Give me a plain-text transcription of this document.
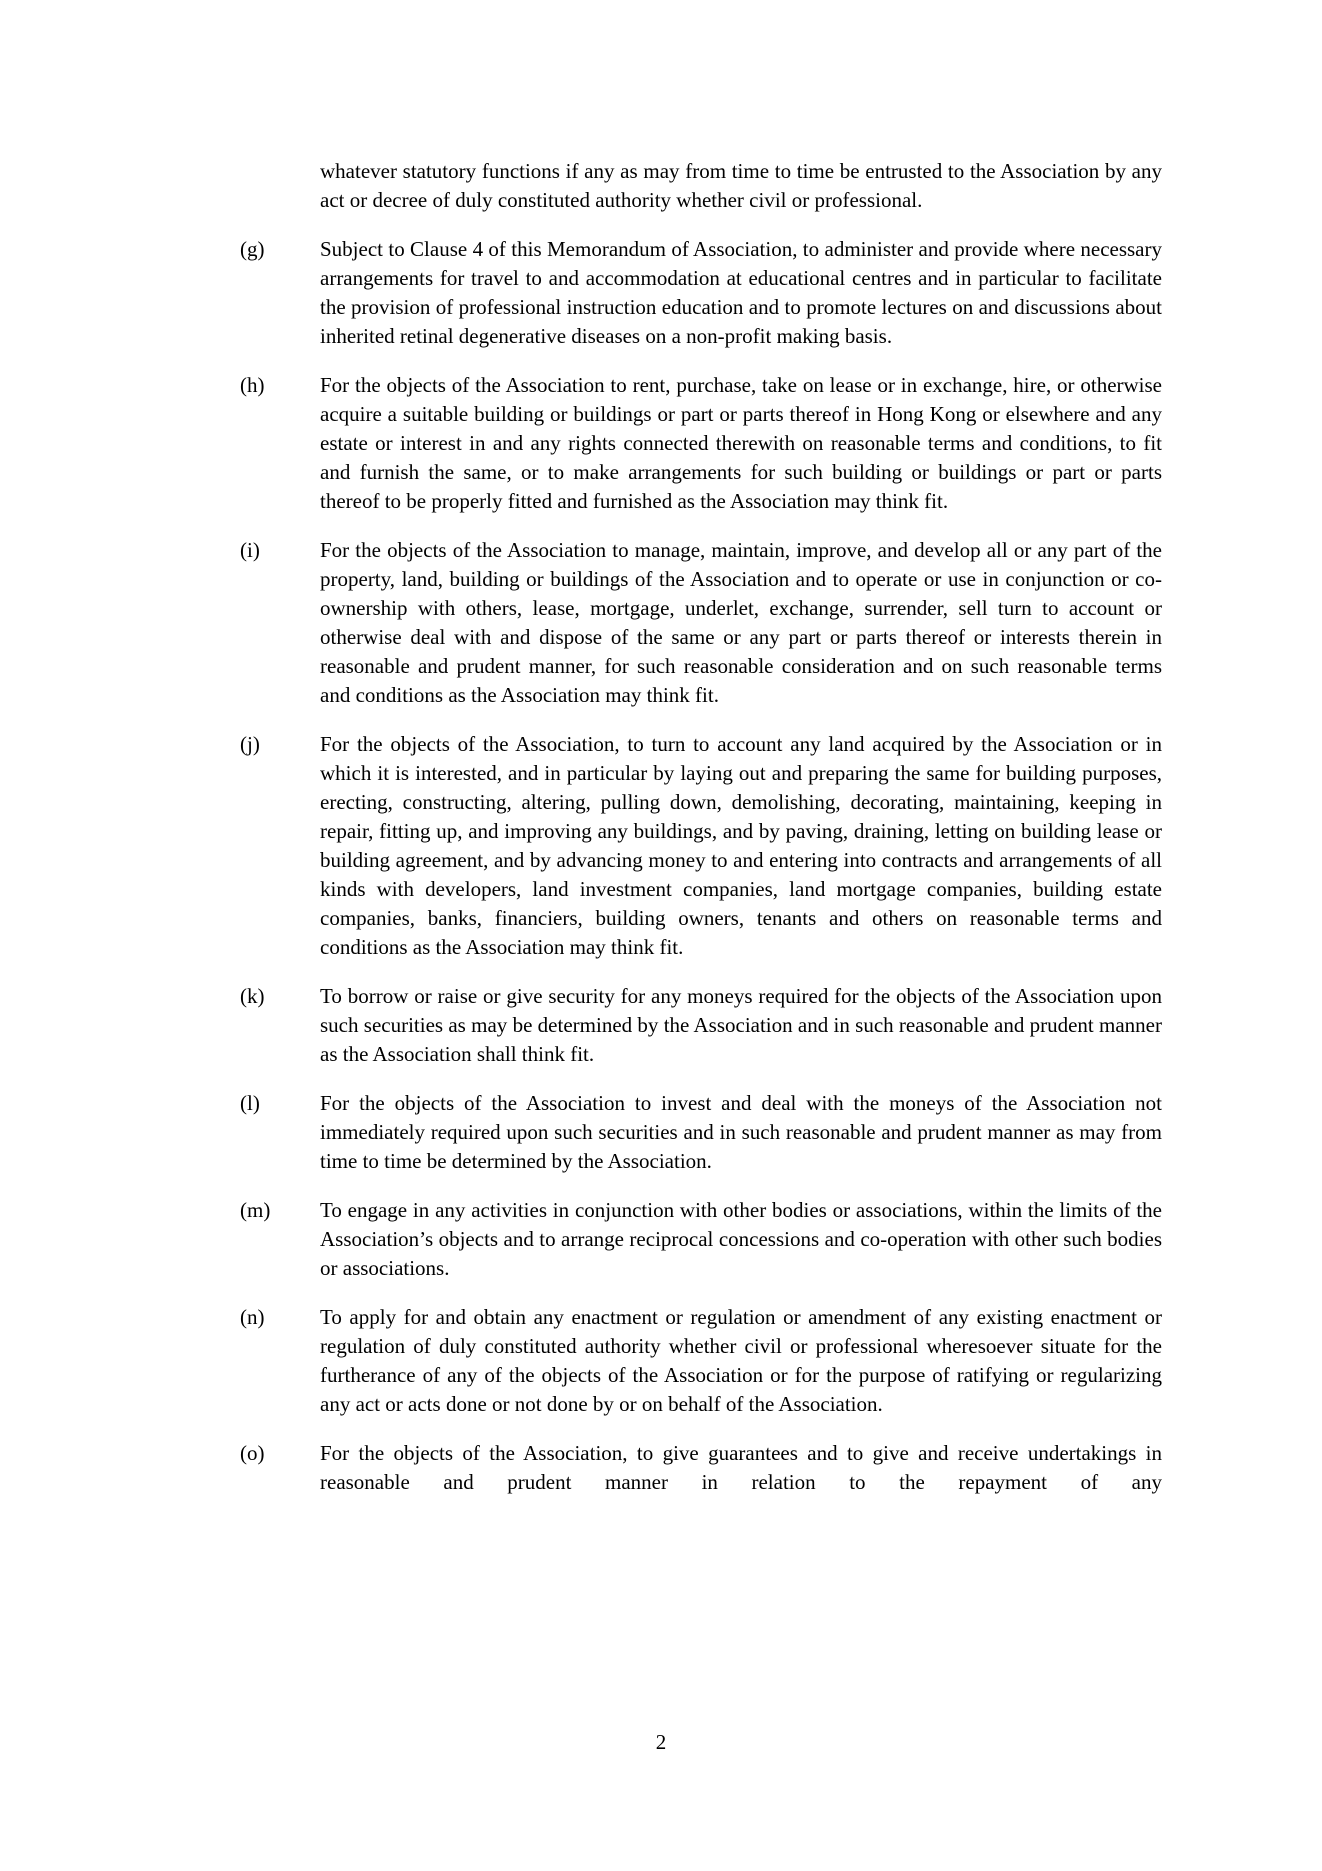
whatever statutory functions if any as may from time to time be entrusted to the Association by any act or decree of duly constituted authority whether civil or professional.

(g)	Subject to Clause 4 of this Memorandum of Association, to administer and provide where necessary arrangements for travel to and accommodation at educational centres and in particular to facilitate the provision of professional instruction education and to promote lectures on and discussions about inherited retinal degenerative diseases on a non-profit making basis.

(h)	For the objects of the Association to rent, purchase, take on lease or in exchange, hire, or otherwise acquire a suitable building or buildings or part or parts thereof in Hong Kong or elsewhere and any estate or interest in and any rights connected therewith on reasonable terms and conditions, to fit and furnish the same, or to make arrangements for such building or buildings or part or parts thereof to be properly fitted and furnished as the Association may think fit.

(i)	For the objects of the Association to manage, maintain, improve, and develop all or any part of the property, land, building or buildings of the Association and to operate or use in conjunction or co-ownership with others, lease, mortgage, underlet, exchange, surrender, sell turn to account or otherwise deal with and dispose of the same or any part or parts thereof or interests therein in reasonable and prudent manner, for such reasonable consideration and on such reasonable terms and conditions as the Association may think fit.

(j)	For the objects of the Association, to turn to account any land acquired by the Association or in which it is interested, and in particular by laying out and preparing the same for building purposes, erecting, constructing, altering, pulling down, demolishing, decorating, maintaining, keeping in repair, fitting up, and improving any buildings, and by paving, draining, letting on building lease or building agreement, and by advancing money to and entering into contracts and arrangements of all kinds with developers, land investment companies, land mortgage companies, building estate companies, banks, financiers, building owners, tenants and others on reasonable terms and conditions as the Association may think fit.

(k)	To borrow or raise or give security for any moneys required for the objects of the Association upon such securities as may be determined by the Association and in such reasonable and prudent manner as the Association shall think fit.

(l)	For the objects of the Association to invest and deal with the moneys of the Association not immediately required upon such securities and in such reasonable and prudent manner as may from time to time be determined by the Association.

(m)	To engage in any activities in conjunction with other bodies or associations, within the limits of the Association’s objects and to arrange reciprocal concessions and co-operation with other such bodies or associations.

(n)	To apply for and obtain any enactment or regulation or amendment of any existing enactment or regulation of duly constituted authority whether civil or professional wheresoever situate for the furtherance of any of the objects of the Association or for the purpose of ratifying or regularizing any act or acts done or not done by or on behalf of the Association.

(o)	For the objects of the Association, to give guarantees and to give and receive undertakings in reasonable and prudent manner in relation to the repayment of any

2
